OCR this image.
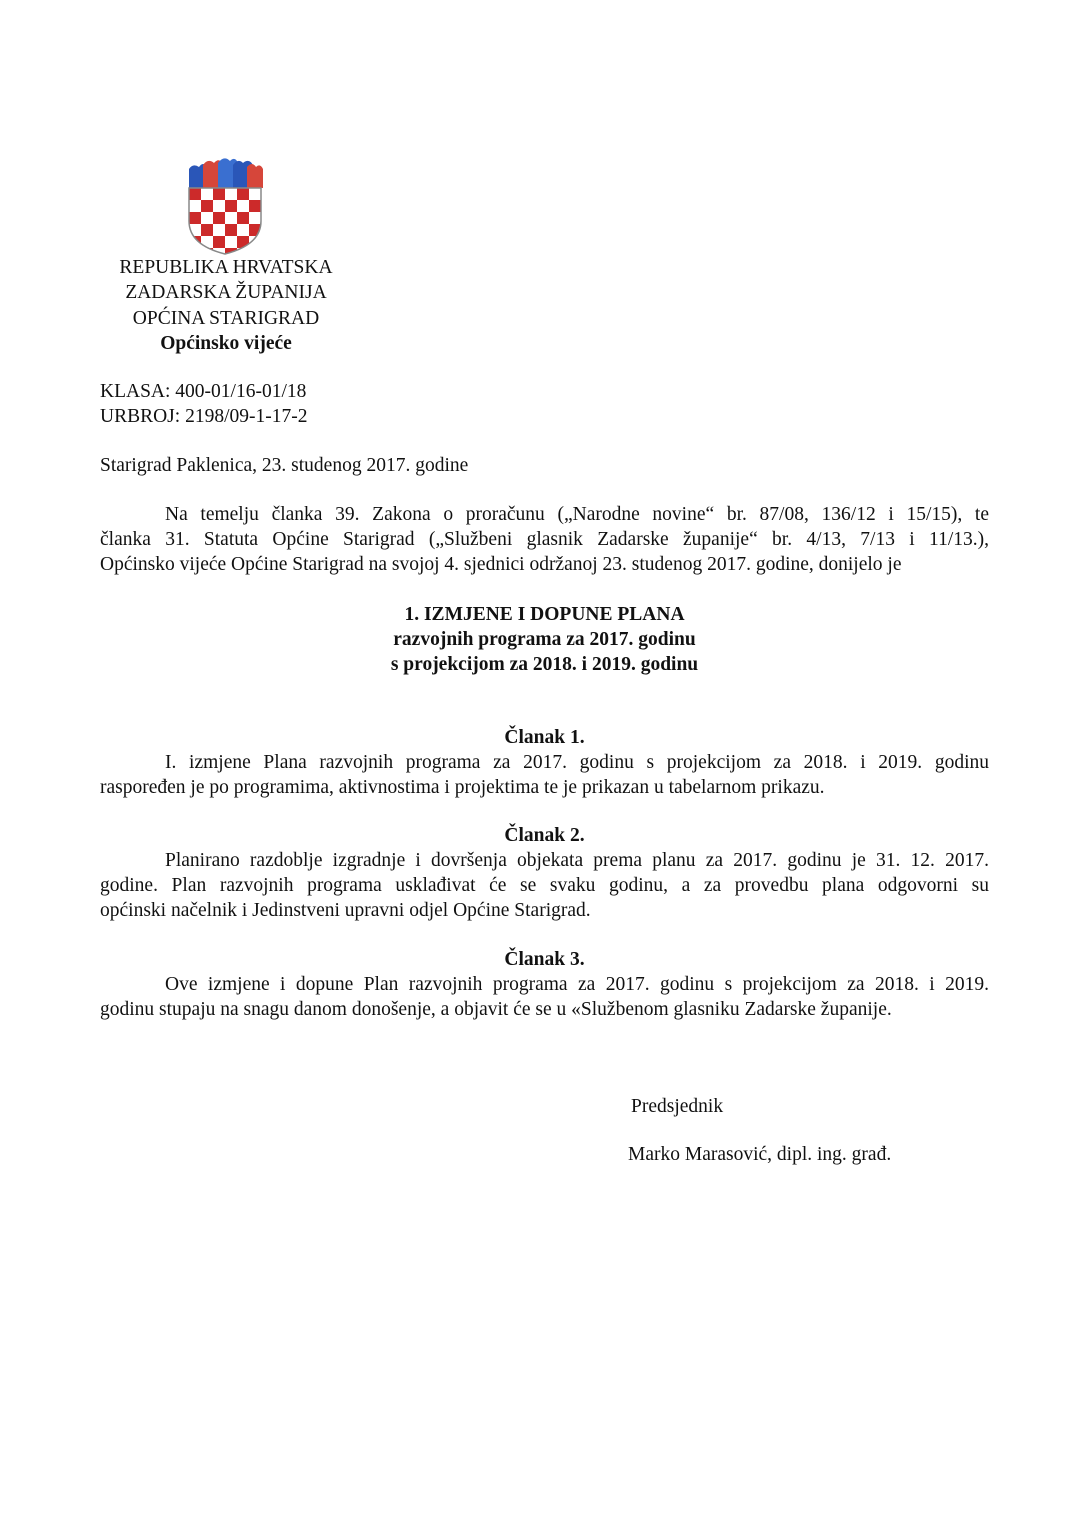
REPUBLIKA HRVATSKA
ZADARSKA ŽUPANIJA
OPĆINA STARIGRAD
Općinsko vijeće
KLASA: 400-01/16-01/18
URBROJ: 2198/09-1-17-2
Starigrad Paklenica, 23. studenog 2017. godine
Na temelju članka 39. Zakona o proračunu („Narodne novine“ br. 87/08, 136/12 i 15/15), te
članka 31. Statuta Općine Starigrad („Službeni glasnik Zadarske županije“ br. 4/13, 7/13 i 11/13.),
Općinsko vijeće Općine Starigrad na svojoj 4. sjednici održanoj 23. studenog 2017. godine, donijelo je
1. IZMJENE I DOPUNE PLANA
razvojnih programa za 2017. godinu
s projekcijom za 2018. i 2019. godinu
Članak 1.
I. izmjene Plana razvojnih programa za 2017. godinu s projekcijom za 2018. i 2019. godinu
raspoređen je po programima, aktivnostima i projektima te je prikazan u tabelarnom prikazu.
Članak 2.
Planirano razdoblje izgradnje i dovršenja objekata prema planu za 2017. godinu je 31. 12. 2017.
godine. Plan razvojnih programa usklađivat će se svaku godinu, a za provedbu plana odgovorni su
općinski načelnik i Jedinstveni upravni odjel Općine Starigrad.
Članak 3.
Ove izmjene i dopune Plan razvojnih programa za 2017. godinu s projekcijom za 2018. i 2019.
godinu stupaju na snagu danom donošenje, a objavit će se u «Službenom glasniku Zadarske županije.
Predsjednik
Marko Marasović, dipl. ing. građ.
